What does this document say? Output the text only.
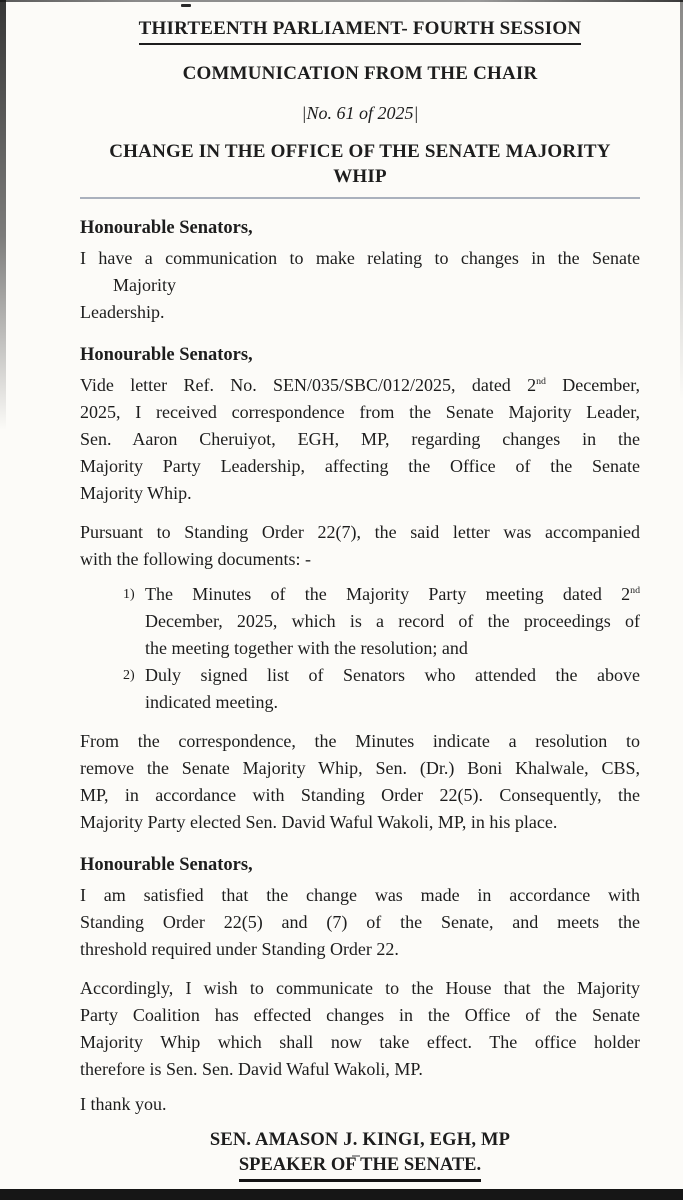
THIRTEENTH PARLIAMENT- FOURTH SESSION
COMMUNICATION FROM THE CHAIR
|No. 61 of 2025|
CHANGE IN THE OFFICE OF THE SENATE MAJORITY
WHIP
Honourable Senators,
I have a communication to make relating to changes in the Senate
Majority
Leadership.
Honourable Senators,
Vide letter Ref. No. SEN/035/SBC/012/2025, dated 2nd December,
2025, I received correspondence from the Senate Majority Leader,
Sen. Aaron Cheruiyot, EGH, MP, regarding changes in the
Majority Party Leadership, affecting the Office of the Senate
Majority Whip.
Pursuant to Standing Order 22(7), the said letter was accompanied
with the following documents: -
1) The Minutes of the Majority Party meeting dated 2nd
December, 2025, which is a record of the proceedings of
the meeting together with the resolution; and
2) Duly signed list of Senators who attended the above
indicated meeting.
From the correspondence, the Minutes indicate a resolution to
remove the Senate Majority Whip, Sen. (Dr.) Boni Khalwale, CBS,
MP, in accordance with Standing Order 22(5). Consequently, the
Majority Party elected Sen. David Waful Wakoli, MP, in his place.
Honourable Senators,
I am satisfied that the change was made in accordance with
Standing Order 22(5) and (7) of the Senate, and meets the
threshold required under Standing Order 22.
Accordingly, I wish to communicate to the House that the Majority
Party Coalition has effected changes in the Office of the Senate
Majority Whip which shall now take effect. The office holder
therefore is Sen. Sen. David Waful Wakoli, MP.
I thank you.
SEN. AMASON J. KINGI, EGH, MP
SPEAKER OF THE SENATE.
